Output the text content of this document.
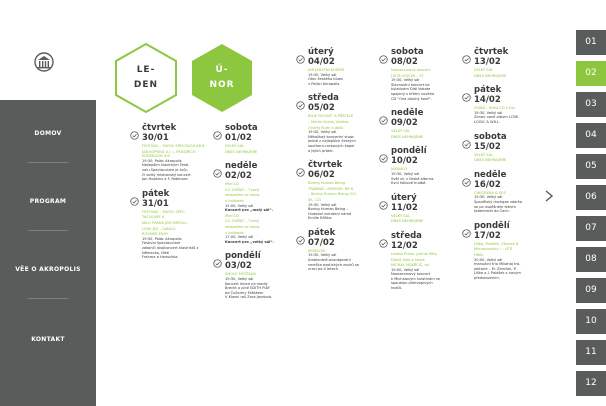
DOMOV
PROGRAM
VĚE O AKROPOLIS
KONTAKT
LE-
DEN
Ú-
NOR
čtvrtek
30/01
FESTIVAL – MUSIC SPECTACULAR 8
JÁN KOPRIVA A J. J. FRIEDRICH KÓDEKSOM JOS
19:30, Palác Akropolis
Nejlepším klasickým Festi-
valu Spectaculare je tvůr-
čí velký mistrovský koncert
Jon Hopkins a F. Robinson
pátek
31/01
FESTIVAL – MUSIC SPEC-
TACULARE 8
MILO FRANK JEN SHROLL-
LOVA JEZ – ŠANCLI
ROSMER EN/FI
19:30, Palác Akropolis
Festival Spectaculare
zakončí dvojkoncert klavíristů z Německa, Niké
Frahma a Hauschka.
sobota
01/02
VELKÝ SÁL
DNES NEHRAJEME
neděle
02/02
iPod CD
CO ZVÍŘAT – Tvaný
chlapeček ve sleva-
u kalhotek
15:00, Velký sál
Koncert pro „malý sál“.
iPod CD
CO ZVÍŘAT – Tvaný
chlapeček ve sleva-
u kalhotek
17:00, Velký sál
Koncert pro „velký sál“.
pondělí
03/02
SMOLE MŠTĚKAN
19:30, Velký sál
Koncert ihned na modly
Brecht a plné EDITH PIAF
od Čučoriny Fešákem
V Klasní rolí Zora Jandová.
úterý
04/02
JAN JARZYNI KOŠPNÍ
19:30, Velký sál
Otec českého blues
v Paláci Akropolis.
středa
05/02
BLUE ROCKET A PŘÁTELÉ
– Martin Kraus, Alefica,
Ondřej Ruml a další
19:30, Velký sál
Několikaý koncertní show
jedné z nejlepších českých
southern-rockových kapel
a jejích přátel.
čtvrtek
06/02
Boring Human Being
TRABRAĆ, AERSOM, BR.R.
– Boring Human Being (CH,
SK, CZ)
19:30, Velký sál
Boring Human Being –
Hudební zvíratení národ
Emilie Bříška.
pátek
07/02
SEBELDSÍ
19:30, Velký sál
Ambientně-avantgardní
smečka exotických zvuků se
vrací po 4 letech.
sobota
08/02
Narozeninový koncert
LISTA VOJCEK – ST.
19:30, Velký sál
Slavnostní koncert ke
kulatinám Didi Vokate
spojený s křtem nového
CD "Ona dlouhý konč".
neděle
09/02
VELKÝ SÁL
DNES NEHRAJEME
pondělí
10/02
JAKAMLO
19:30, Velký sál
Svět vír v české alterna-
tivní folkové hudbě.
úterý
11/02
VELKÝ SÁL
DNES NEHRAJEME
středa
12/02
Hudba Praha, Jarmie Péla,
Dávid Solo a hosté
MICHAL NOKŘČIČ, ml.
19:00, Velký sál
Narozeninový koncert
k Michalovým kulatinám se
spoustou překvapivých
hostů.
čtvrtek
13/02
VELKÝ SÁL
DNES NEHRAJEME
pátek
14/02
ZVÁNÍ – Křest CD k Dni
19:30, Velký sál
Zimou nové album LOVE,
LOGIC & WILL.
sobota
15/02
VELKÝ SÁL
DNES NEHRAJEME
neděle
16/02
CHEGBERA & SES
19:30, Velký sál
Španělský duchgae zdarka
se po úspěšném letním
tabentmet do Čech.
pondělí
17/02
Líška, Polášek, Zbynek B
Mimokvajstky i – LÉTÍ
HRAL
20:00, Velký sál
manuální trio Mikaháj tra-
jektorie – M. Zbinček, P.
Líška a J. Polášek s novým
představením.
01
02
03
04
05
06
07
08
09
10
11
12
